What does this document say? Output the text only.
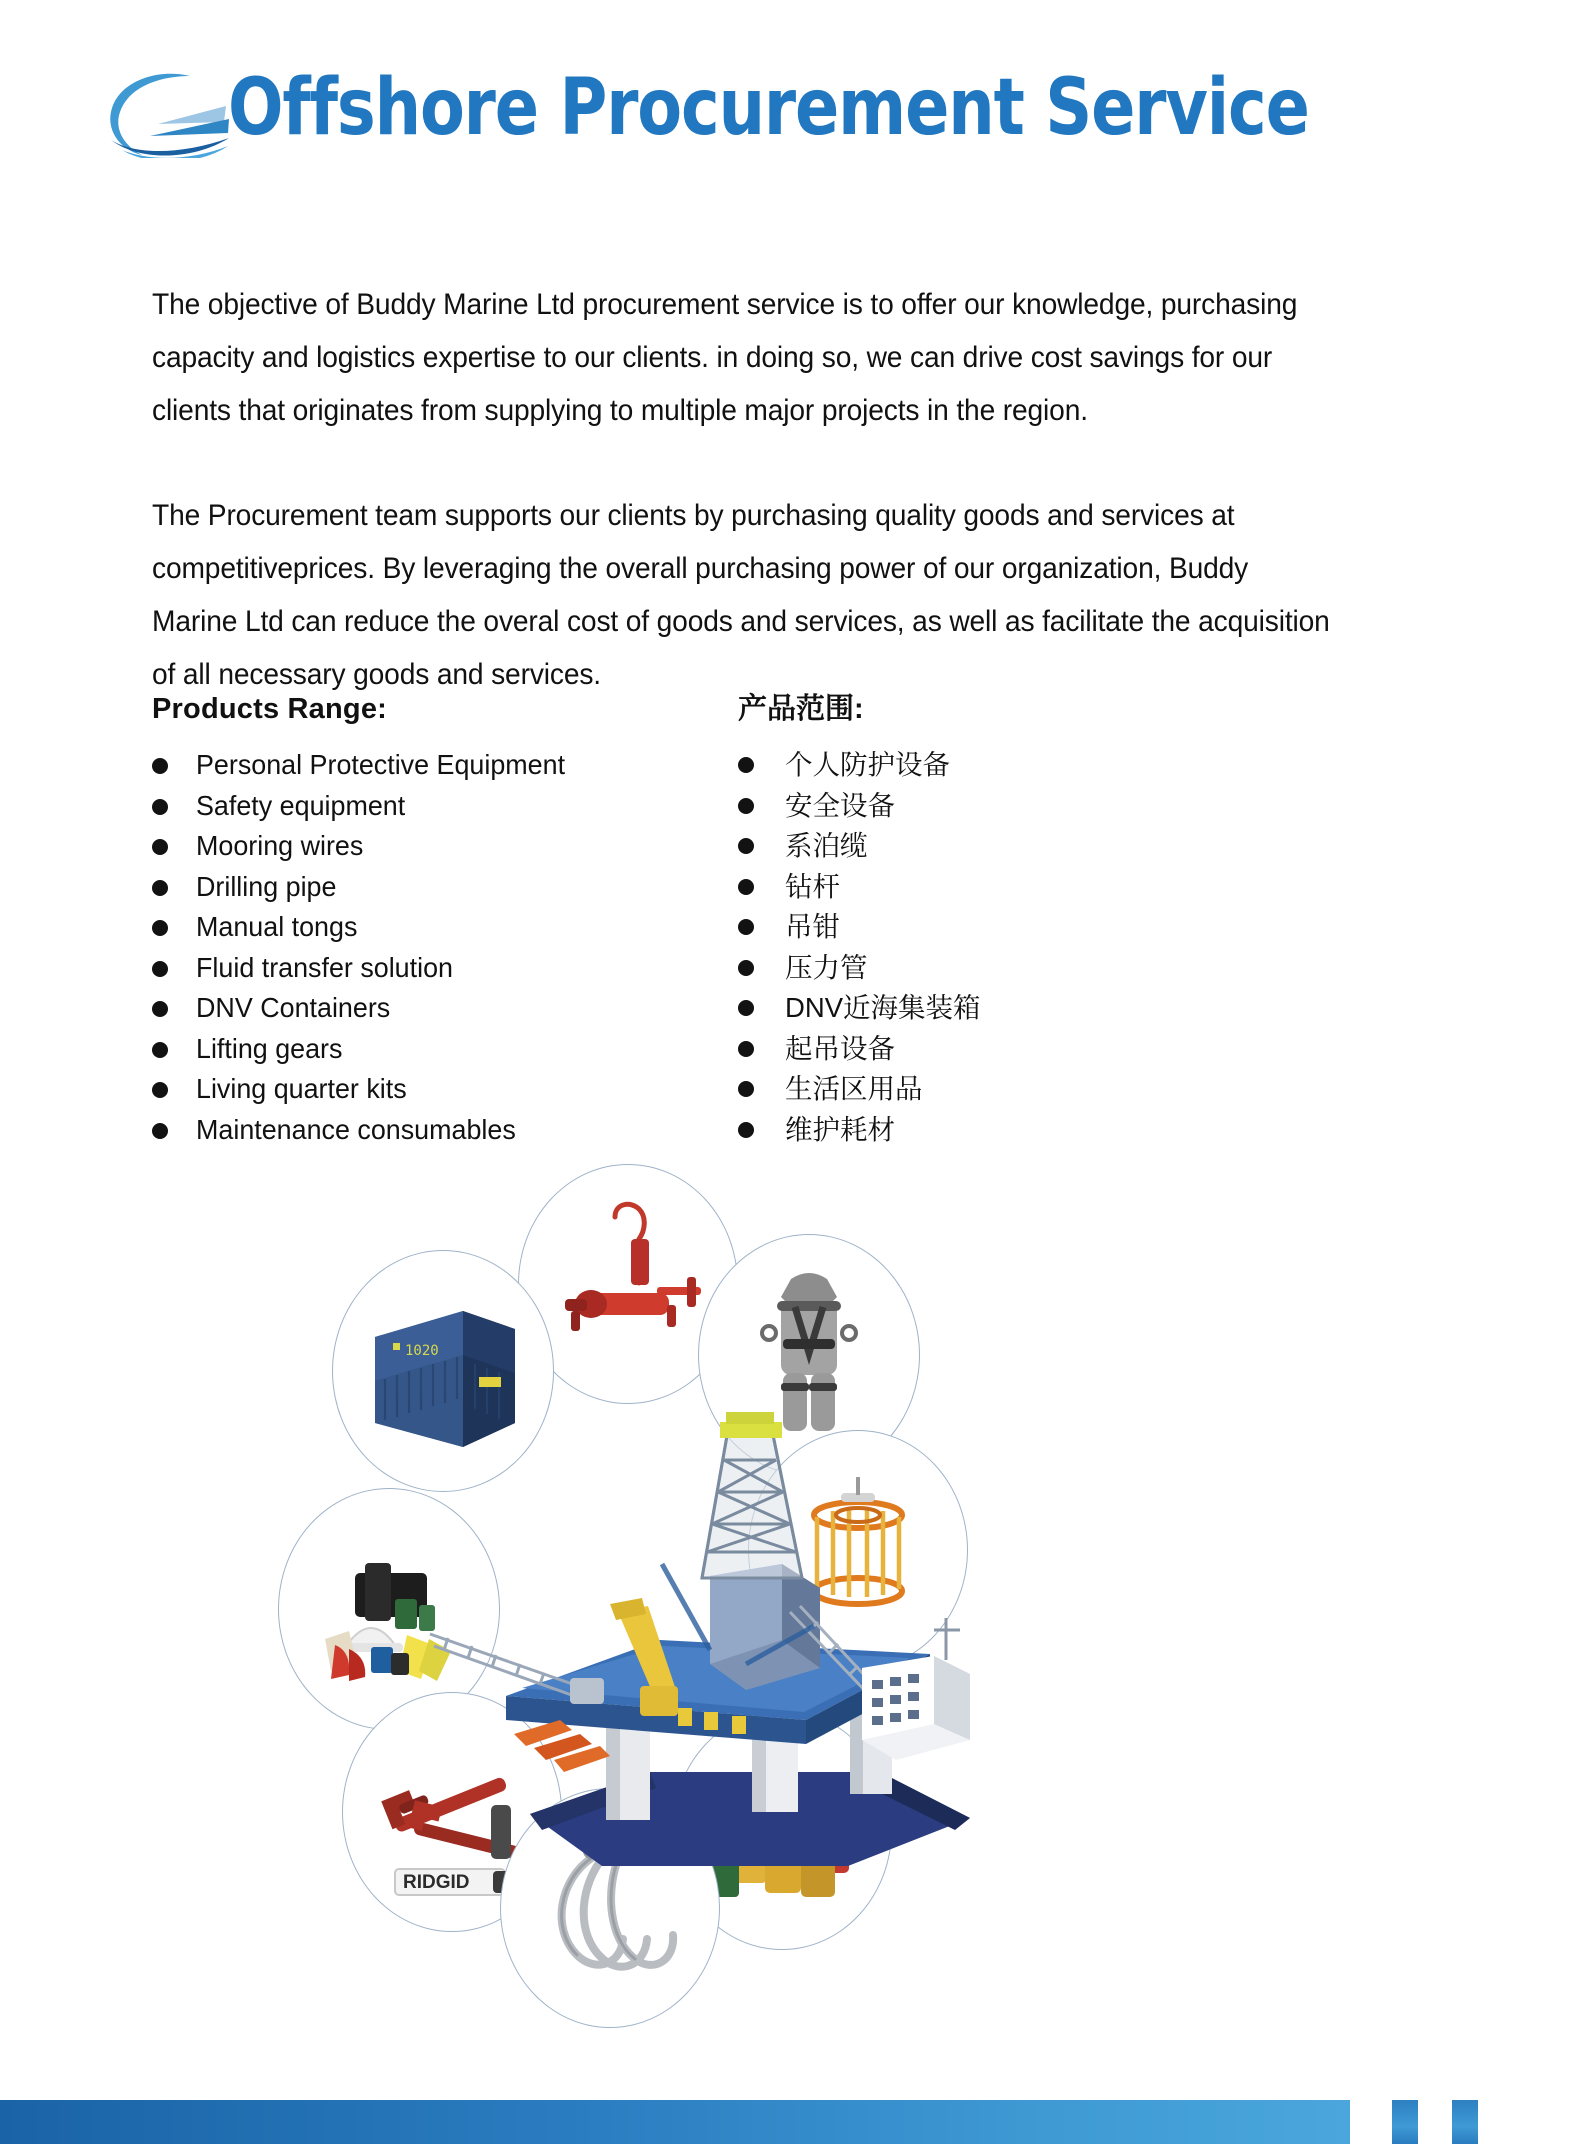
Offshore Procurement Service

The objective of Buddy Marine Ltd procurement service is to offer our knowledge, purchasing capacity and logistics expertise to our clients. in doing so, we can drive cost savings for our clients that originates from supplying to multiple major projects in the region.

The Procurement team supports our clients by purchasing quality goods and services at competitiveprices. By leveraging the overall purchasing power of our organization, Buddy Marine Ltd can reduce the overal cost of goods and services, as well as facilitate the acquisition of all necessary goods and services.

Products Range:
Personal Protective Equipment
Safety equipment
Mooring wires
Drilling pipe
Manual tongs
Fluid transfer solution
DNV Containers
Lifting gears
Living quarter kits
Maintenance consumables
产品范围:
个人防护设备
安全设备
系泊缆
钻杆
吊钳
压力管
DNV近海集装箱
起吊设备
生活区用品
维护耗材
1020
RIDGID
